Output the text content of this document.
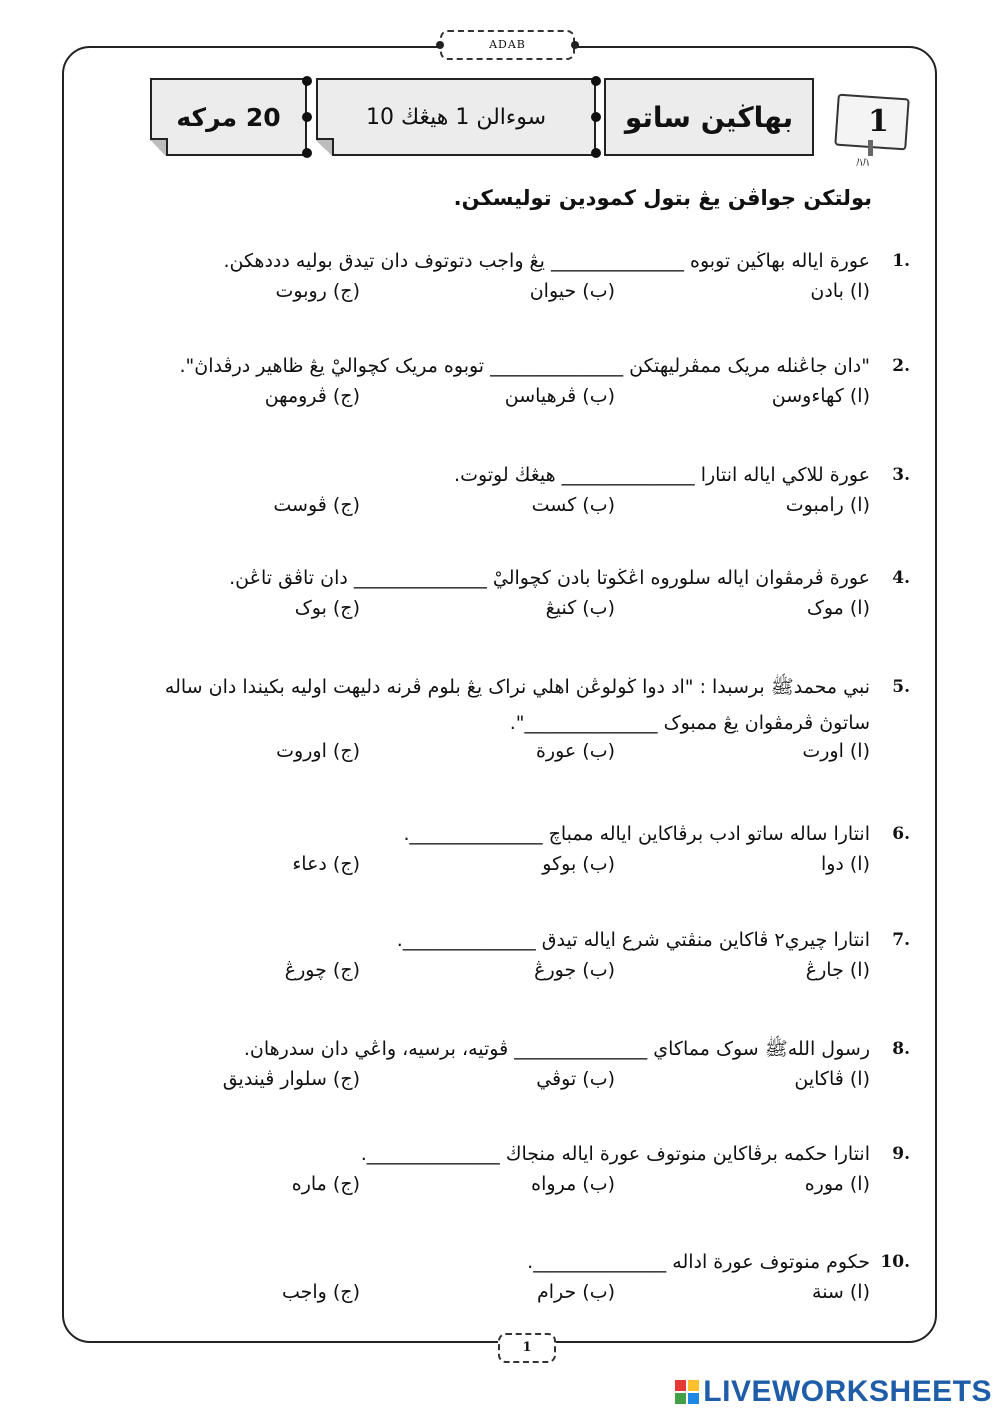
ADAB
20 مركه	سوءالن 1 هيڠڬ 10	بهاڬين ساتو 1
ﾊﾊ
بولتكن جواڤن يڠ بتول كمودين توليسكن.
1.
عورة اياله بهاڬين توبوه ______________ يڠ واجب دتوتوف دان تيدق بوليه دددهكن.
(ا) بادن
(ب) حيوان
(ج) روبوت
2.
"دان جاڠنله مريک ممڤرليهتكن ______________ توبوه مريک كچواليْ يڠ ظاهير درڤداڽ".
(ا) كهاءوسن
(ب) ڤرهياسن
(ج) ڤرومهن
3.
عورة للاكي اياله انتارا ______________ هيڠڬ لوتوت.
(ا) رامبوت
(ب) كست
(ج) ڤوست
4.
عورة ڤرمڤوان اياله سلوروه اڠڬوتا بادن كچواليْ ______________ دان تاڤق تاڠن.
(ا) موک
(ب) كنيڠ
(ج) بوک
5.
نبي محمدﷺ برسبدا : "اد دوا ڬولوڠن اهلي نراک يڠ بلوم ڤرنه دليهت اوليه بکيندا دان ساله
ساتوڽ ڤرمڤوان يڠ ممبوک ______________".
(ا) اورت
(ب) عورة
(ج) اوروت
6.
انتارا ساله ساتو ادب برڤاكاين اياله ممباچ ______________.
(ا) دوا
(ب) بوكو
(ج) دعاء
7.
انتارا چيري٢ ڤاكاين منڤتي شرع اياله تيدق ______________.
(ا) جارڠ
(ب) جورڠ
(ج) چورڠ
8.
رسول اللهﷺ سوک مماكاي ______________ ڤوتيه، برسيه، واڠي دان سدرهان.
(ا) ڤاكاين
(ب) توڤي
(ج) سلوار ڤينديق
9.
انتارا حكمه برڤاكاين منوتوف عورة اياله منجاڬ ______________.
(ا) موره
(ب) مرواه
(ج) ماره
10.
حكوم منوتوف عورة اداله ______________.
(ا) سنة
(ب) حرام
(ج) واجب
1
LIVEWORKSHEETS
